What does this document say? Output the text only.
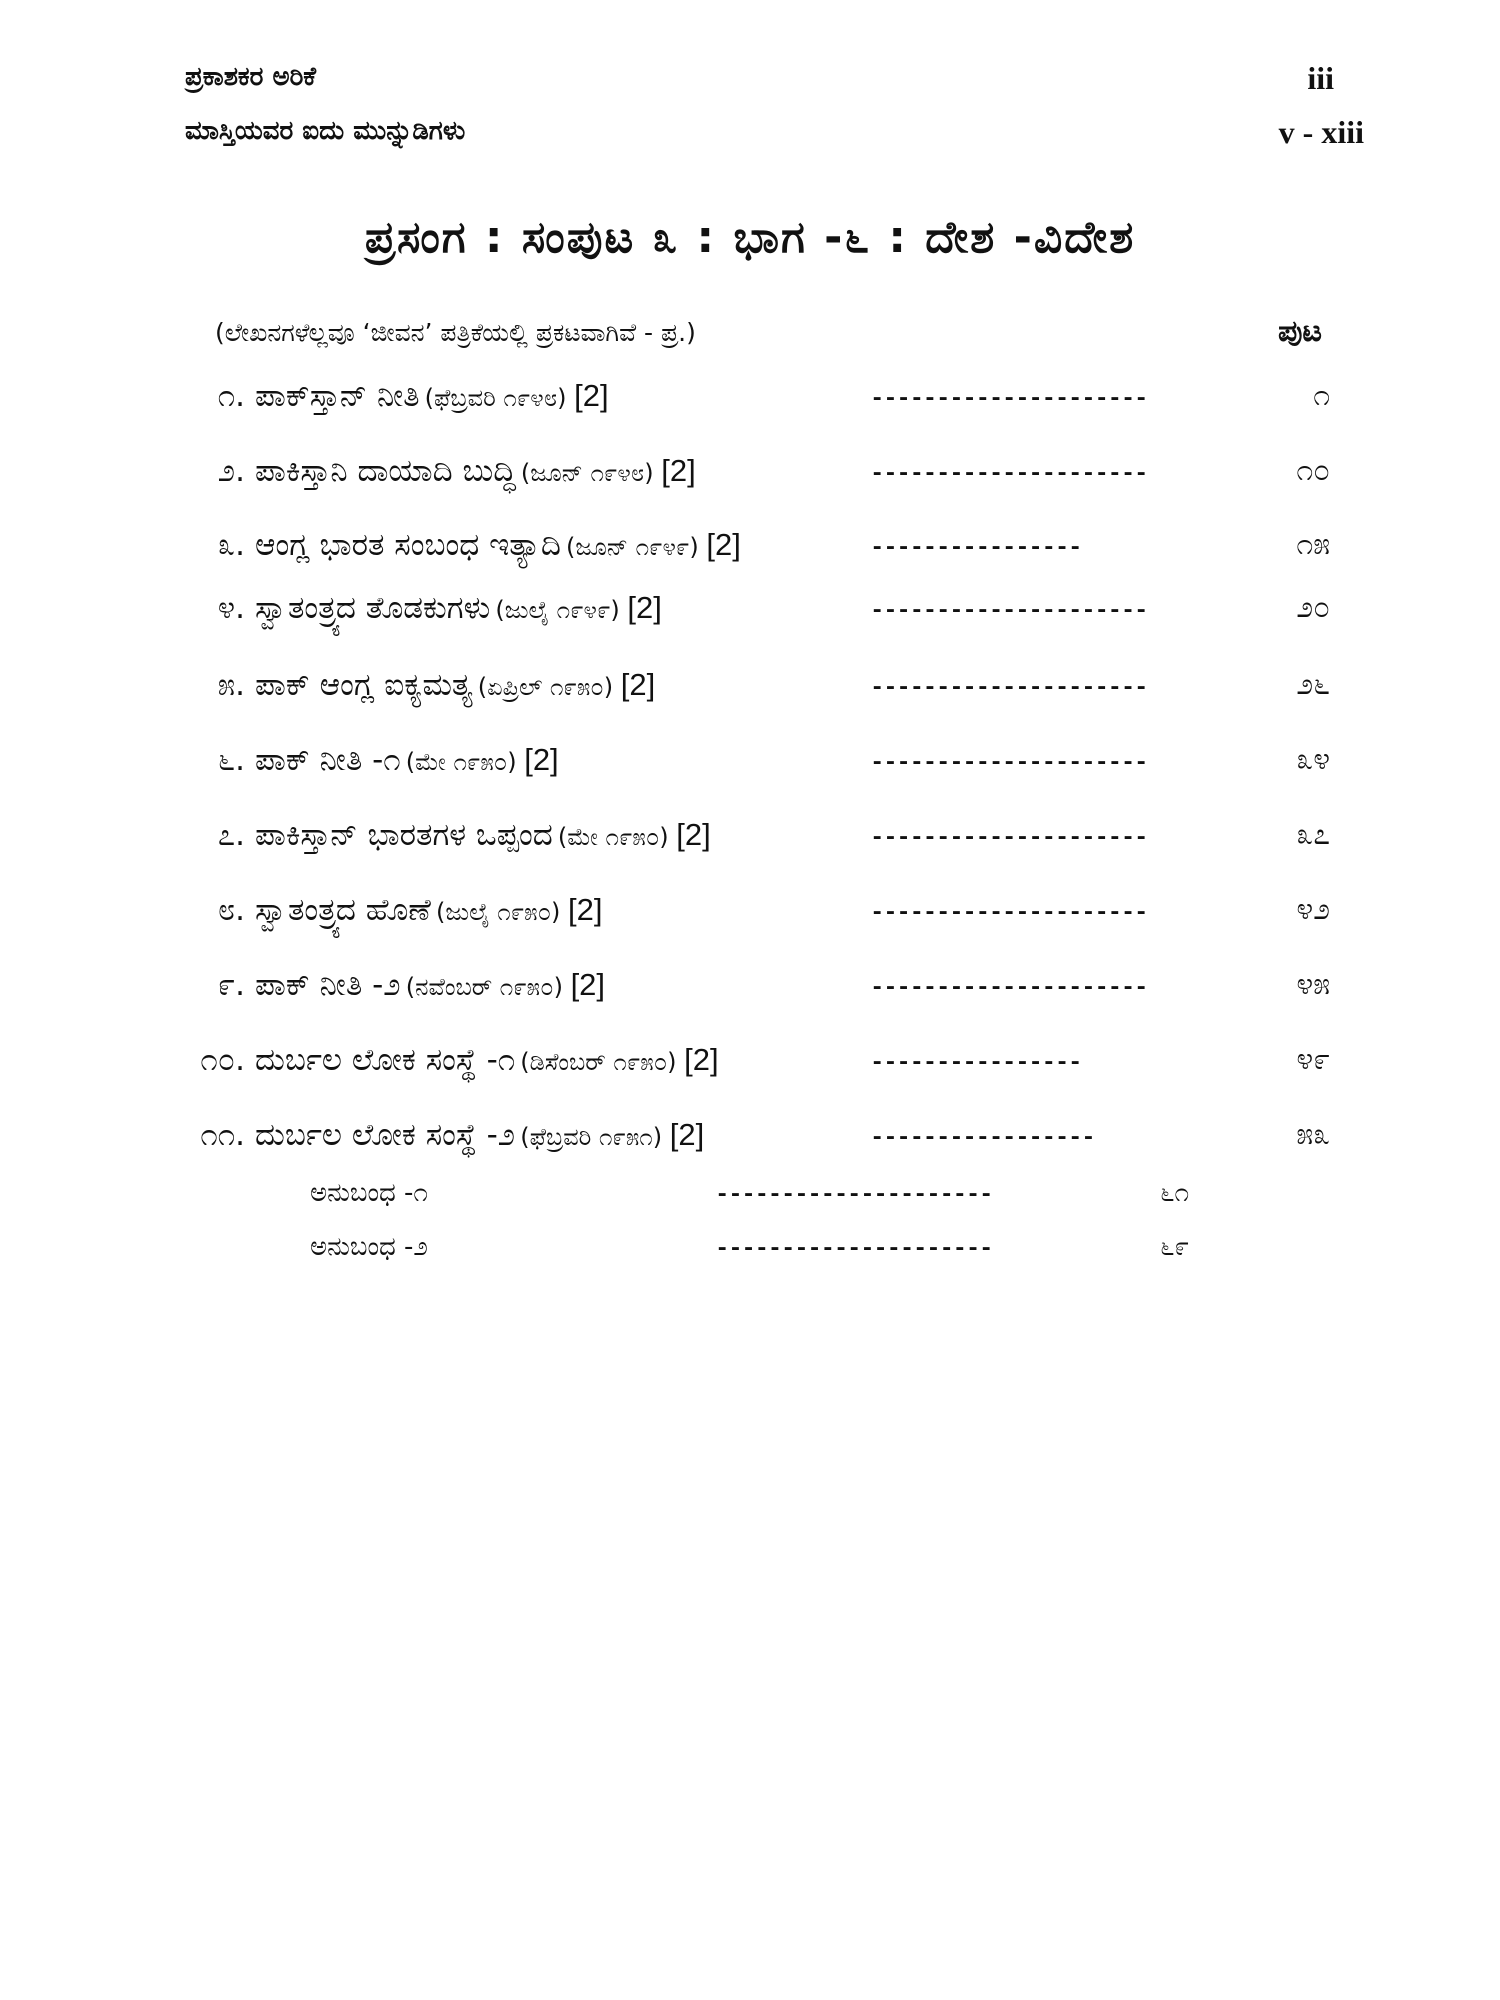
ಪ್ರಕಾಶಕರ ಅರಿಕೆ	iii
ಮಾಸ್ತಿಯವರ ಐದು ಮುನ್ನುಡಿಗಳು	v - xiii
ಪ್ರಸಂಗ : ಸಂಪುಟ ೩ : ಭಾಗ -೬ : ದೇಶ -ವಿದೇಶ
(ಲೇಖನಗಳೆಲ್ಲವೂ ‘ಜೀವನ’ ಪತ್ರಿಕೆಯಲ್ಲಿ ಪ್ರಕಟವಾಗಿವೆ - ಪ್ರ.)	ಪುಟ
೧. ಪಾಕ್‌ಸ್ತಾನ್ ನೀತಿ (ಫೆಬ್ರವರಿ ೧೯೪೮) [2]	---------------------	೧
೨. ಪಾಕಿಸ್ತಾನಿ ದಾಯಾದಿ ಬುದ್ಧಿ (ಜೂನ್ ೧೯೪೮) [2]	---------------------	೧೦
೩. ಆಂಗ್ಲ ಭಾರತ ಸಂಬಂಧ ಇತ್ಯಾದಿ (ಜೂನ್ ೧೯೪೯) [2]	----------------	೧೫
೪. ಸ್ವಾತಂತ್ರ್ಯದ ತೊಡಕುಗಳು (ಜುಲೈ ೧೯೪೯) [2]	---------------------	೨೦
೫. ಪಾಕ್ ಆಂಗ್ಲ ಐಕ್ಯಮತ್ಯ (ಏಪ್ರಿಲ್ ೧೯೫೦) [2]	---------------------	೨೬
೬. ಪಾಕ್ ನೀತಿ -೧ (ಮೇ ೧೯೫೦) [2]	---------------------	೩೪
೭. ಪಾಕಿಸ್ತಾನ್ ಭಾರತಗಳ ಒಪ್ಪಂದ (ಮೇ ೧೯೫೦) [2]	---------------------	೩೭
೮. ಸ್ವಾತಂತ್ರ್ಯದ ಹೊಣೆ (ಜುಲೈ ೧೯೫೦) [2]	---------------------	೪೨
೯. ಪಾಕ್ ನೀತಿ -೨ (ನವೆಂಬರ್ ೧೯೫೦) [2]	---------------------	೪೫
೧೦. ದುರ್ಬಲ ಲೋಕ ಸಂಸ್ಥೆ -೧ (ಡಿಸೆಂಬರ್ ೧೯೫೦) [2]	----------------	೪೯
೧೧. ದುರ್ಬಲ ಲೋಕ ಸಂಸ್ಥೆ -೨ (ಫೆಬ್ರವರಿ ೧೯೫೧) [2]	-----------------	೫೩
ಅನುಬಂಧ -೧	---------------------	೬೧
ಅನುಬಂಧ -೨	---------------------	೬೯
